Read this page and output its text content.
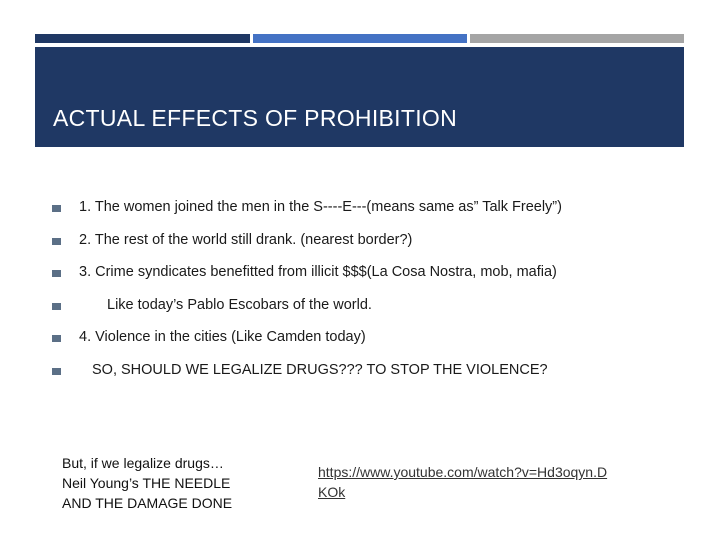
ACTUAL EFFECTS OF PROHIBITION
1. The women joined the men in the S----E---(means same as” Talk Freely”)
2. The rest of the world still drank. (nearest border?)
3. Crime syndicates benefitted from illicit $$$(La Cosa Nostra, mob, mafia)
Like today’s Pablo Escobars of the world.
4. Violence in the cities (Like Camden today)
SO, SHOULD WE LEGALIZE DRUGS??? TO STOP THE VIOLENCE?
But, if we legalize drugs…
Neil Young’s THE NEEDLE
AND THE DAMAGE DONE
https://www.youtube.com/watch?v=Hd3oqyn.D
KOk
